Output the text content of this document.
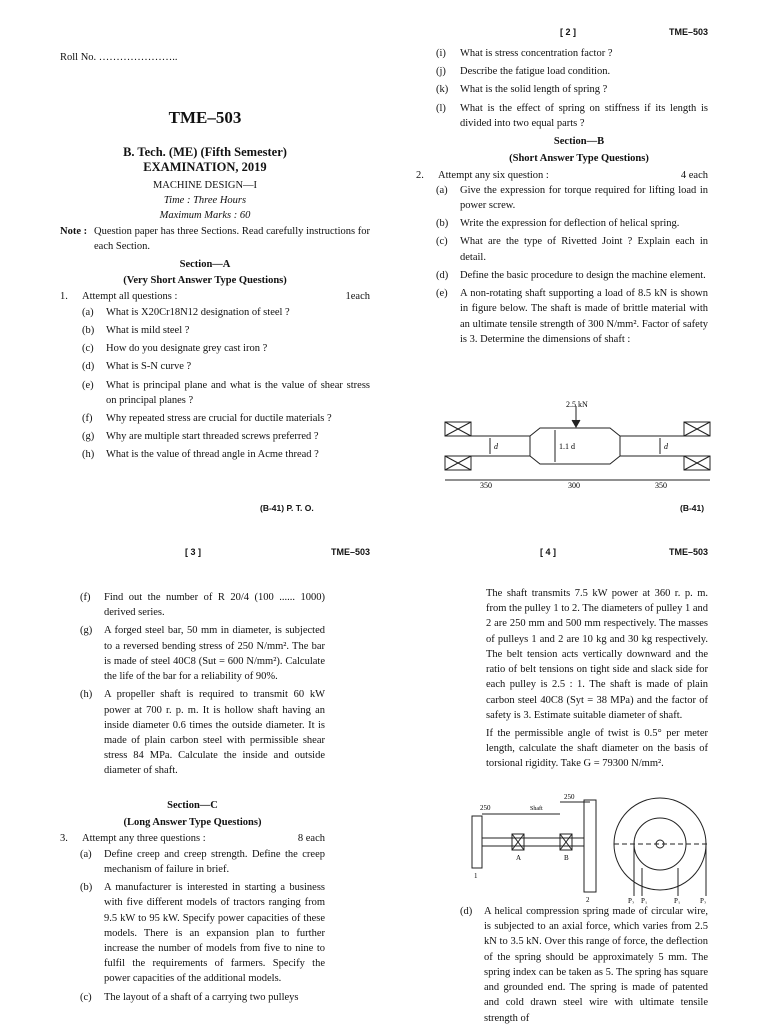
Roll No. …………………..
TME–503
B. Tech. (ME) (Fifth Semester)
EXAMINATION, 2019
MACHINE DESIGN—I
Time : Three Hours
Maximum Marks : 60
Note : Question paper has three Sections. Read carefully instructions for each Section.
Section—A
(Very Short Answer Type Questions)
1.	Attempt all questions :	1each
(a)	What is X20Cr18N12 designation of steel ?
(b)	What is mild steel ?
(c)	How do you designate grey cast iron ?
(d)	What is S-N curve ?
(e)	What is principal plane and what is the value of shear stress on principal planes ?
(f)	Why repeated stress are crucial for ductile materials ?
(g)	Why are multiple start threaded screws preferred ?
(h)	What is the value of thread angle in Acme thread ?
(B-41) P. T. O.
[ 2 ]	TME–503
(i)	What is stress concentration factor ?
(j)	Describe the fatigue load condition.
(k)	What is the solid length of spring ?
(l)	What is the effect of spring on stiffness if its length is divided into two equal parts ?
Section—B
(Short Answer Type Questions)
2.	Attempt any six question :	4 each
(a)	Give the expression for torque required for lifting load in power screw.
(b)	Write the expression for deflection of helical spring.
(c)	What are the type of Rivetted Joint ? Explain each in detail.
(d)	Define the basic procedure to design the machine element.
(e)	A non-rotating shaft supporting a load of 8.5 kN is shown in figure below. The shaft is made of brittle material with an ultimate tensile strength of 300 N/mm². Factor of safety is 3. Determine the dimensions of shaft :
2.5 kN
d	1.1 d	d
350	300	350
(B-41)
[ 3 ]	TME–503
(f)	Find out the number of R 20/4 (100 ...... 1000) derived series.
(g)	A forged steel bar, 50 mm in diameter, is subjected to a reversed bending stress of 250 N/mm². The bar is made of steel 40C8 (Sut = 600 N/mm²). Calculate the life of the bar for a reliability of 90%.
(h)	A propeller shaft is required to transmit 60 kW power at 700 r. p. m. It is hollow shaft having an inside diameter 0.6 times the outside diameter. It is made of plain carbon steel with permissible shear stress 84 MPa. Calculate the inside and outside diameter of shaft.
Section—C
(Long Answer Type Questions)
3.	Attempt any three questions :	8 each
(a)	Define creep and creep strength. Define the creep mechanism of failure in brief.
(b)	A manufacturer is interested in starting a business with five different models of tractors ranging from 9.5 kW to 95 kW. Specify power capacities of these models. There is an expansion plan to further increase the number of models from five to nine to fulfil the requirements of farmers. Specify the power capacities of the additional models.
(c)	The layout of a shaft of a carrying two pulleys
[ 4 ]	TME–503
The shaft transmits 7.5 kW power at 360 r. p. m. from the pulley 1 to 2. The diameters of pulley 1 and 2 are 250 mm and 500 mm respectively. The masses of pulleys 1 and 2 are 10 kg and 30 kg respectively. The belt tension acts vertically downward and the ratio of belt tensions on tight side and slack side for each pulley is 2.5 : 1. The shaft is made of plain carbon steel 40C8 (Syt = 38 MPa) and the factor of safety is 3. Estimate suitable diameter of shaft.
If the permissible angle of twist is 0.5° per meter length, calculate the shaft diameter on the basis of torsional rigidity. Take G = 79300 N/mm².
250	Shaft
250
A	B
1
2	P₂ P₁	P₁	P₂
(d)	A helical compression spring made of circular wire, is subjected to an axial force, which varies from 2.5 kN to 3.5 kN. Over this range of force, the deflection of the spring should be approximately 5 mm. The spring index can be taken as 5. The spring has square and grounded end. The spring is made of patented and cold drawn steel wire with ultimate tensile strength of
